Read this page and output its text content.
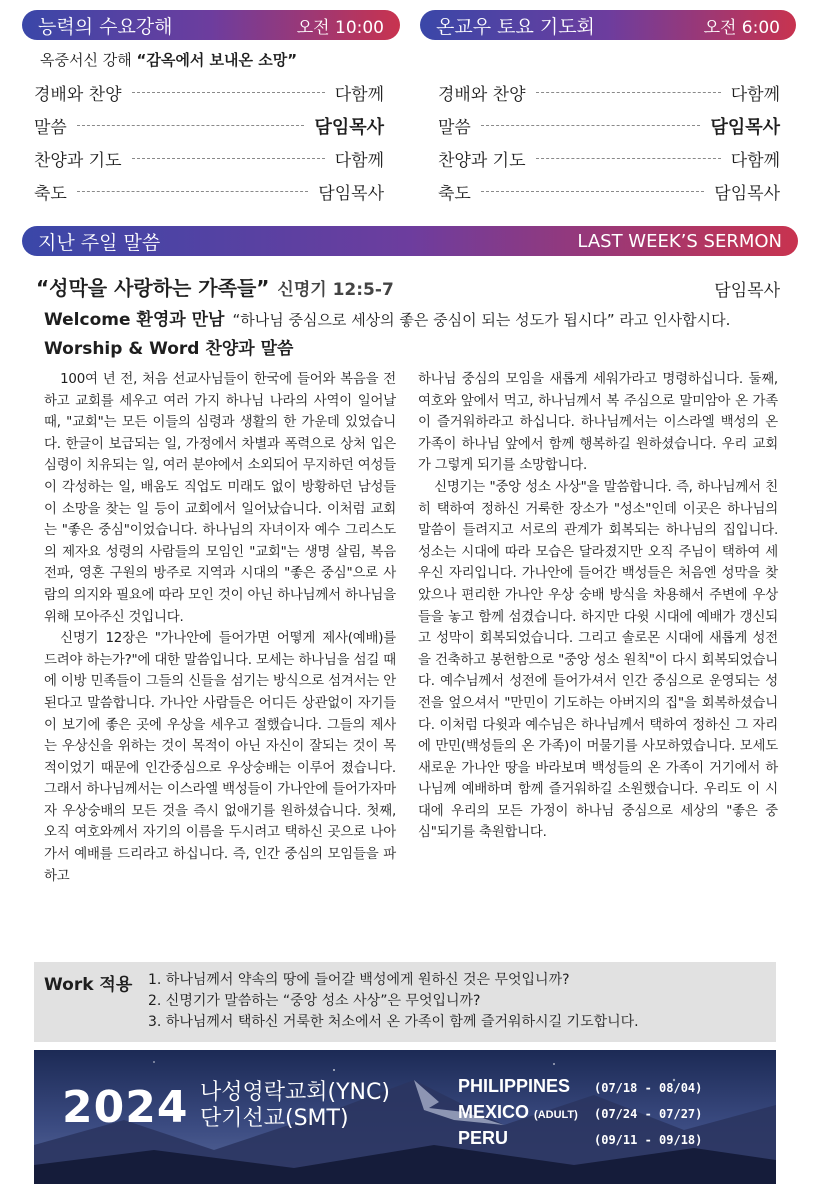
능력의 수요강해	오전 10:00
옥중서신 강해 “감옥에서 보내온 소망”
경배와 찬양	다함께
말씀	담임목사
찬양과 기도	다함께
축도	담임목사
온교우 토요 기도회	오전 6:00
경배와 찬양	다함께
말씀	담임목사
찬양과 기도	다함께
축도	담임목사
지난 주일 말씀	LAST WEEK’S SERMON
“성막을 사랑하는 가족들” 신명기 12:5-7	담임목사
Welcome 환영과 만남 “하나님 중심으로 세상의 좋은 중심이 되는 성도가 됩시다” 라고 인사합시다.
Worship & Word 찬양과 말씀

100여 년 전, 처음 선교사님들이 한국에 들어와 복음을 전하고 교회를 세우고 여러 가지 하나님 나라의 사역이 일어날 때, "교회"는 모든 이들의 심령과 생활의 한 가운데 있었습니다. 한글이 보급되는 일, 가정에서 차별과 폭력으로 상처 입은 심령이 치유되는 일, 여러 분야에서 소외되어 무지하던 여성들이 각성하는 일, 배움도 직업도 미래도 없이 방황하던 남성들이 소망을 찾는 일 등이 교회에서 일어났습니다. 이처럼 교회는 "좋은 중심"이었습니다. 하나님의 자녀이자 예수 그리스도의 제자요 성령의 사람들의 모임인 "교회"는 생명 살림, 복음 전파, 영혼 구원의 방주로 지역과 시대의 "좋은 중심"으로 사람의 의지와 필요에 따라 모인 것이 아닌 하나님께서 하나님을 위해 모아주신 것입니다.

신명기 12장은 "가나안에 들어가면 어떻게 제사(예배)를 드려야 하는가?"에 대한 말씀입니다. 모세는 하나님을 섬길 때에 이방 민족들이 그들의 신들을 섬기는 방식으로 섬겨서는 안된다고 말씀합니다. 가나안 사람들은 어디든 상관없이 자기들이 보기에 좋은 곳에 우상을 세우고 절했습니다. 그들의 제사는 우상신을 위하는 것이 목적이 아닌 자신이 잘되는 것이 목적이었기 때문에 인간중심으로 우상숭배는 이루어 졌습니다. 그래서 하나님께서는 이스라엘 백성들이 가나안에 들어가자마자 우상숭배의 모든 것을 즉시 없애기를 원하셨습니다. 첫째, 오직 여호와께서 자기의 이름을 두시려고 택하신 곳으로 나아가서 예배를 드리라고 하십니다. 즉, 인간 중심의 모임들을 파하고

하나님 중심의 모임을 새롭게 세워가라고 명령하십니다. 둘째, 여호와 앞에서 먹고, 하나님께서 복 주심으로 말미암아 온 가족이 즐거워하라고 하십니다. 하나님께서는 이스라엘 백성의 온 가족이 하나님 앞에서 함께 행복하길 원하셨습니다. 우리 교회가 그렇게 되기를 소망합니다.

신명기는 "중앙 성소 사상"을 말씀합니다. 즉, 하나님께서 친히 택하여 정하신 거룩한 장소가 "성소"인데 이곳은 하나님의 말씀이 들려지고 서로의 관계가 회복되는 하나님의 집입니다. 성소는 시대에 따라 모습은 달라졌지만 오직 주님이 택하여 세우신 자리입니다. 가나안에 들어간 백성들은 처음엔 성막을 찾았으나 편리한 가나안 우상 숭배 방식을 차용해서 주변에 우상들을 놓고 함께 섬겼습니다. 하지만 다윗 시대에 예배가 갱신되고 성막이 회복되었습니다. 그리고 솔로몬 시대에 새롭게 성전을 건축하고 봉헌함으로 "중앙 성소 원칙"이 다시 회복되었습니다. 예수님께서 성전에 들어가셔서 인간 중심으로 운영되는 성전을 엎으셔서 "만민이 기도하는 아버지의 집"을 회복하셨습니다. 이처럼 다윗과 예수님은 하나님께서 택하여 정하신 그 자리에 만민(백성들의 온 가족)이 머물기를 사모하였습니다. 모세도 새로운 가나안 땅을 바라보며 백성들의 온 가족이 거기에서 하나님께 예배하며 함께 즐거워하길 소원했습니다. 우리도 이 시대에 우리의 모든 가정이 하나님 중심으로 세상의 "좋은 중심"되기를 축원합니다.

Work 적용 1. 하나님께서 약속의 땅에 들어갈 백성에게 원하신 것은 무엇입니까?
2. 신명기가 말씀하는 “중앙 성소 사상”은 무엇입니까?
3. 하나님께서 택하신 거룩한 처소에서 온 가족이 함께 즐거워하시길 기도합니다.
2024 나성영락교회(YNC)
단기선교(SMT)
PHILIPPINES (07/18 - 08/04)
MEXICO (ADULT) (07/24 - 07/27)
PERU	(09/11 - 09/18)
